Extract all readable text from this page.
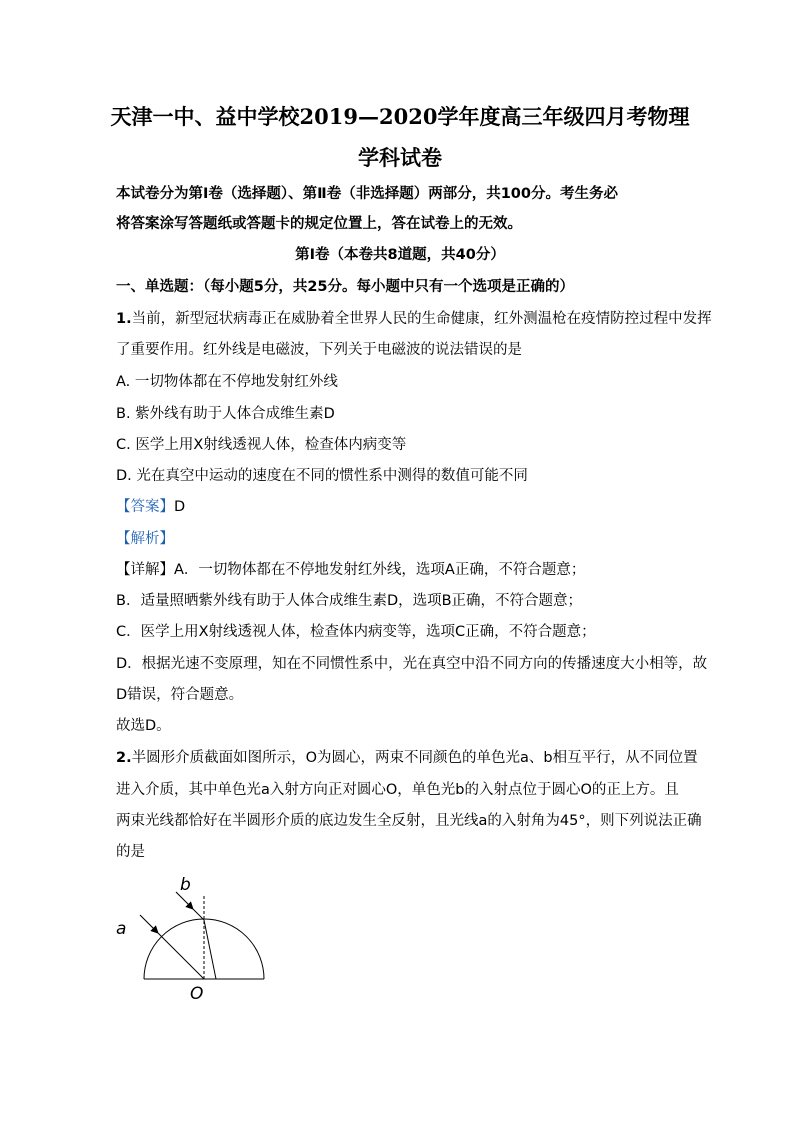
天津一中、益中学校2019—2020学年度高三年级四月考物理
学科试卷
本试卷分为第Ⅰ卷（选择题）、第Ⅱ卷（非选择题）两部分，共100分。考生务必
将答案涂写答题纸或答题卡的规定位置上，答在试卷上的无效。
第Ⅰ卷（本卷共8道题，共40分）
一、单选题：（每小题5分，共25分。每小题中只有一个选项是正确的）
1.当前，新型冠状病毒正在威胁着全世界人民的生命健康，红外测温枪在疫情防控过程中发挥
了重要作用。红外线是电磁波，下列关于电磁波的说法错误的是
A. 一切物体都在不停地发射红外线
B. 紫外线有助于人体合成维生素D
C. 医学上用X射线透视人体，检查体内病变等
D. 光在真空中运动的速度在不同的惯性系中测得的数值可能不同
【答案】D
【解析】
【详解】A．一切物体都在不停地发射红外线，选项A正确，不符合题意；
B．适量照晒紫外线有助于人体合成维生素D，选项B正确，不符合题意；
C．医学上用X射线透视人体，检查体内病变等，选项C正确，不符合题意；
D．根据光速不变原理，知在不同惯性系中，光在真空中沿不同方向的传播速度大小相等，故
D错误，符合题意。
故选D。
2.半圆形介质截面如图所示，O为圆心，两束不同颜色的单色光a、b相互平行，从不同位置
进入介质，其中单色光a入射方向正对圆心O，单色光b的入射点位于圆心O的正上方。且
两束光线都恰好在半圆形介质的底边发生全反射，且光线a的入射角为45°，则下列说法正确
的是
a
b
O
